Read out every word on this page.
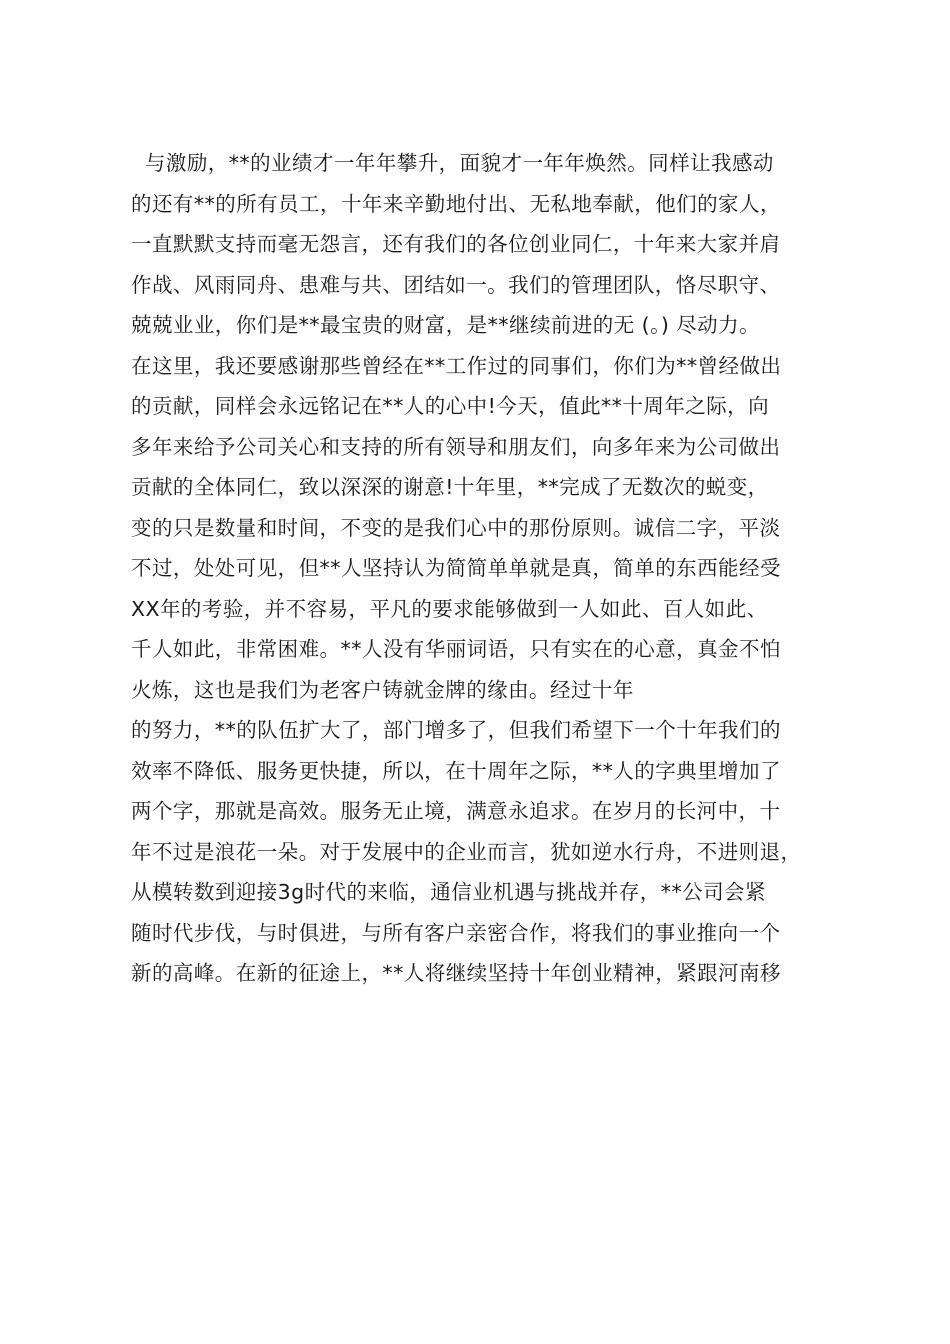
与激励，**的业绩才一年年攀升，面貌才一年年焕然。同样让我感动
的还有**的所有员工，十年来辛勤地付出、无私地奉献，他们的家人，
一直默默支持而毫无怨言，还有我们的各位创业同仁，十年来大家并肩
作战、风雨同舟、患难与共、团结如一。我们的管理团队，恪尽职守、
兢兢业业，你们是**最宝贵的财富，是**继续前进的无 (。) 尽动力。
在这里，我还要感谢那些曾经在**工作过的同事们，你们为**曾经做出
的贡献，同样会永远铭记在**人的心中!今天，值此**十周年之际，向
多年来给予公司关心和支持的所有领导和朋友们，向多年来为公司做出
贡献的全体同仁，致以深深的谢意!十年里，**完成了无数次的蜕变，
变的只是数量和时间，不变的是我们心中的那份原则。诚信二字，平淡
不过，处处可见，但**人坚持认为简简单单就是真，简单的东西能经受
XX年的考验，并不容易，平凡的要求能够做到一人如此、百人如此、
千人如此，非常困难。**人没有华丽词语，只有实在的心意，真金不怕
火炼，这也是我们为老客户铸就金牌的缘由。经过十年
的努力，**的队伍扩大了，部门增多了，但我们希望下一个十年我们的
效率不降低、服务更快捷，所以，在十周年之际，**人的字典里增加了
两个字，那就是高效。服务无止境，满意永追求。在岁月的长河中，十
年不过是浪花一朵。对于发展中的企业而言，犹如逆水行舟，不进则退，
从模转数到迎接3g时代的来临，通信业机遇与挑战并存，**公司会紧
随时代步伐，与时俱进，与所有客户亲密合作，将我们的事业推向一个
新的高峰。在新的征途上，**人将继续坚持十年创业精神，紧跟河南移
